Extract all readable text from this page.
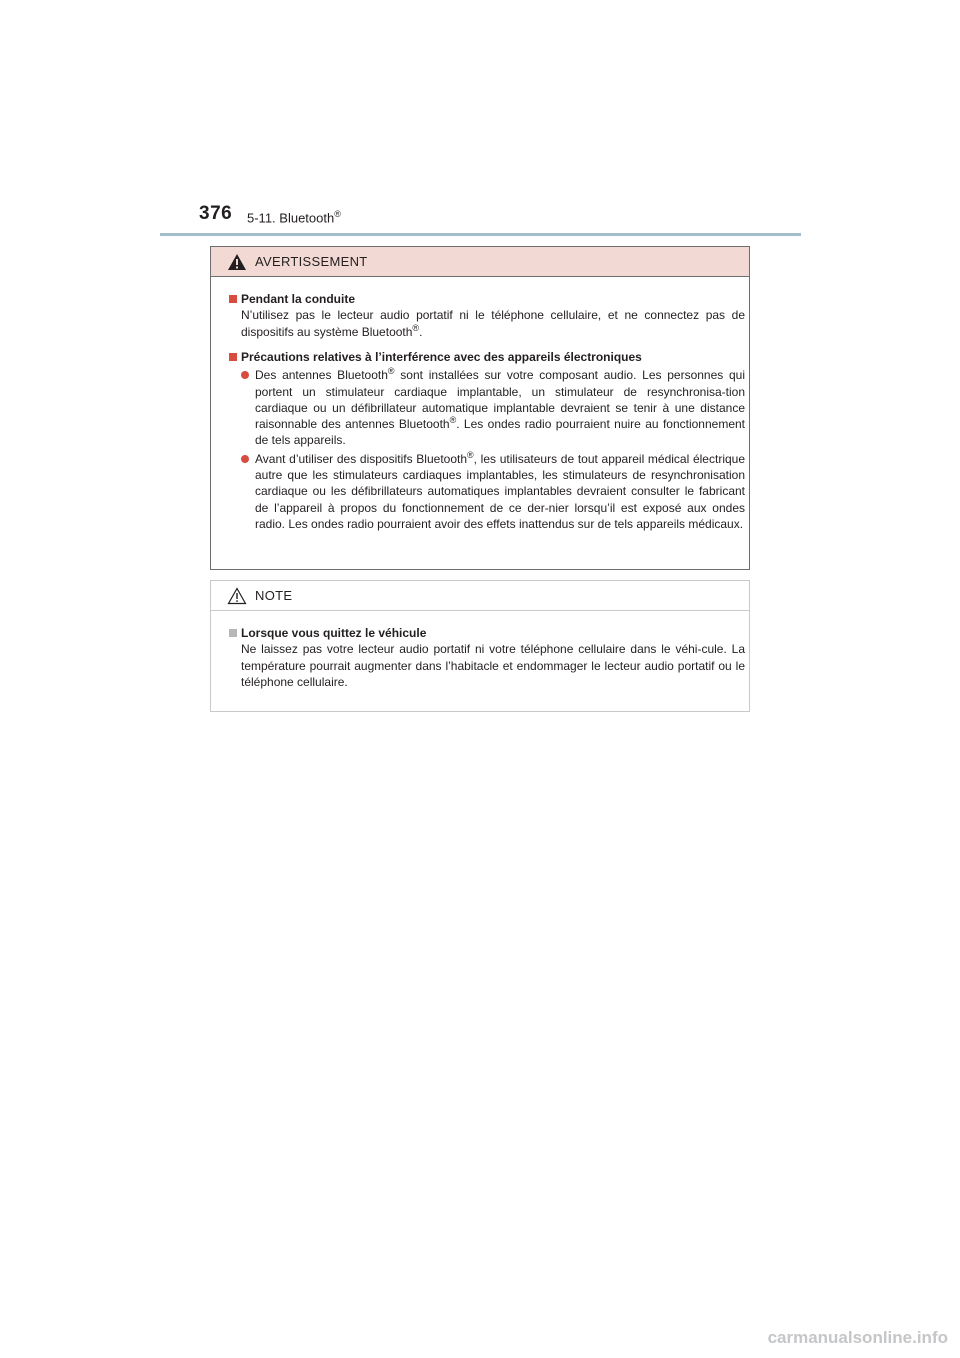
376 5-11. Bluetooth®
AVERTISSEMENT
Pendant la conduite
N’utilisez pas le lecteur audio portatif ni le téléphone cellulaire, et ne connectez pas de dispositifs au système Bluetooth®.
Précautions relatives à l’interférence avec des appareils électroniques
Des antennes Bluetooth® sont installées sur votre composant audio. Les personnes qui portent un stimulateur cardiaque implantable, un stimulateur de resynchronisa-tion cardiaque ou un défibrillateur automatique implantable devraient se tenir à une distance raisonnable des antennes Bluetooth®. Les ondes radio pourraient nuire au fonctionnement de tels appareils.
Avant d’utiliser des dispositifs Bluetooth®, les utilisateurs de tout appareil médical électrique autre que les stimulateurs cardiaques implantables, les stimulateurs de resynchronisation cardiaque ou les défibrillateurs automatiques implantables devraient consulter le fabricant de l’appareil à propos du fonctionnement de ce der-nier lorsqu’il est exposé aux ondes radio. Les ondes radio pourraient avoir des effets inattendus sur de tels appareils médicaux.
NOTE
Lorsque vous quittez le véhicule
Ne laissez pas votre lecteur audio portatif ni votre téléphone cellulaire dans le véhi-cule. La température pourrait augmenter dans l’habitacle et endommager le lecteur audio portatif ou le téléphone cellulaire.
carmanualsonline.info
